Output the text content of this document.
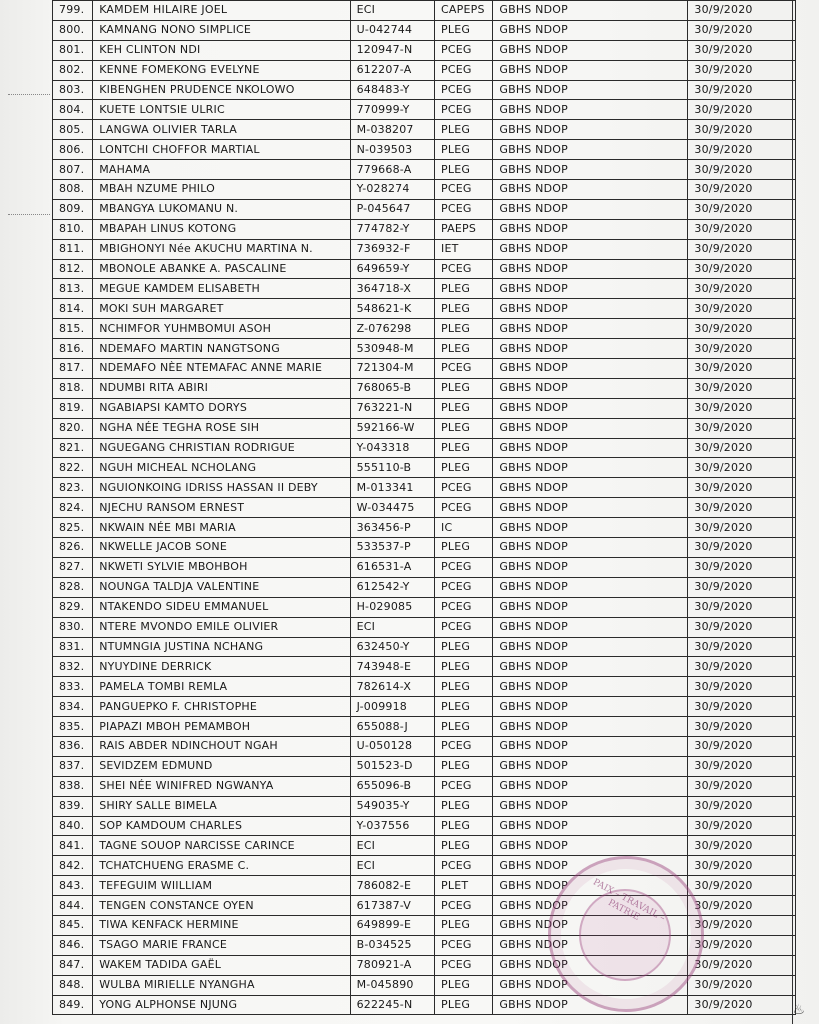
799.	KAMDEM HILAIRE JOEL	ECI	CAPEPS	GBHS NDOP	30/9/2020
800.	KAMNANG NONO SIMPLICE	U-042744	PLEG	GBHS NDOP	30/9/2020
801.	KEH CLINTON NDI	120947-N	PCEG	GBHS NDOP	30/9/2020
802.	KENNE FOMEKONG EVELYNE	612207-A	PCEG	GBHS NDOP	30/9/2020
803.	KIBENGHEN PRUDENCE NKOLOWO	648483-Y	PCEG	GBHS NDOP	30/9/2020
804.	KUETE LONTSIE ULRIC	770999-Y	PCEG	GBHS NDOP	30/9/2020
805.	LANGWA OLIVIER TARLA	M-038207	PLEG	GBHS NDOP	30/9/2020
806.	LONTCHI CHOFFOR MARTIAL	N-039503	PLEG	GBHS NDOP	30/9/2020
807.	MAHAMA	779668-A	PLEG	GBHS NDOP	30/9/2020
808.	MBAH NZUME PHILO	Y-028274	PCEG	GBHS NDOP	30/9/2020
809.	MBANGYA LUKOMANU N.	P-045647	PCEG	GBHS NDOP	30/9/2020
810.	MBAPAH LINUS KOTONG	774782-Y	PAEPS	GBHS NDOP	30/9/2020
811.	MBIGHONYI Née AKUCHU MARTINA N.	736932-F	IET	GBHS NDOP	30/9/2020
812.	MBONOLE ABANKE A. PASCALINE	649659-Y	PCEG	GBHS NDOP	30/9/2020
813.	MEGUE KAMDEM ELISABETH	364718-X	PLEG	GBHS NDOP	30/9/2020
814.	MOKI SUH MARGARET	548621-K	PLEG	GBHS NDOP	30/9/2020
815.	NCHIMFOR YUHMBOMUI ASOH	Z-076298	PLEG	GBHS NDOP	30/9/2020
816.	NDEMAFO MARTIN NANGTSONG	530948-M	PLEG	GBHS NDOP	30/9/2020
817.	NDEMAFO NÈE NTEMAFAC ANNE MARIE	721304-M	PCEG	GBHS NDOP	30/9/2020
818.	NDUMBI RITA ABIRI	768065-B	PLEG	GBHS NDOP	30/9/2020
819.	NGABIAPSI KAMTO DORYS	763221-N	PLEG	GBHS NDOP	30/9/2020
820.	NGHA NÉE TEGHA ROSE SIH	592166-W	PLEG	GBHS NDOP	30/9/2020
821.	NGUEGANG CHRISTIAN RODRIGUE	Y-043318	PLEG	GBHS NDOP	30/9/2020
822.	NGUH MICHEAL NCHOLANG	555110-B	PLEG	GBHS NDOP	30/9/2020
823.	NGUIONKOING IDRISS HASSAN II DEBY	M-013341	PCEG	GBHS NDOP	30/9/2020
824.	NJECHU RANSOM ERNEST	W-034475	PCEG	GBHS NDOP	30/9/2020
825.	NKWAIN NÉE MBI MARIA	363456-P	IC	GBHS NDOP	30/9/2020
826.	NKWELLE JACOB SONE	533537-P	PLEG	GBHS NDOP	30/9/2020
827.	NKWETI SYLVIE MBOHBOH	616531-A	PCEG	GBHS NDOP	30/9/2020
828.	NOUNGA TALDJA VALENTINE	612542-Y	PCEG	GBHS NDOP	30/9/2020
829.	NTAKENDO SIDEU EMMANUEL	H-029085	PCEG	GBHS NDOP	30/9/2020
830.	NTERE MVONDO EMILE OLIVIER	ECI	PCEG	GBHS NDOP	30/9/2020
831.	NTUMNGIA JUSTINA NCHANG	632450-Y	PLEG	GBHS NDOP	30/9/2020
832.	NYUYDINE DERRICK	743948-E	PLEG	GBHS NDOP	30/9/2020
833.	PAMELA TOMBI REMLA	782614-X	PLEG	GBHS NDOP	30/9/2020
834.	PANGUEPKO F. CHRISTOPHE	J-009918	PLEG	GBHS NDOP	30/9/2020
835.	PIAPAZI MBOH PEMAMBOH	655088-J	PLEG	GBHS NDOP	30/9/2020
836.	RAIS ABDER NDINCHOUT NGAH	U-050128	PCEG	GBHS NDOP	30/9/2020
837.	SEVIDZEM EDMUND	501523-D	PLEG	GBHS NDOP	30/9/2020
838.	SHEI NÉE WINIFRED NGWANYA	655096-B	PCEG	GBHS NDOP	30/9/2020
839.	SHIRY SALLE BIMELA	549035-Y	PLEG	GBHS NDOP	30/9/2020
840.	SOP KAMDOUM CHARLES	Y-037556	PLEG	GBHS NDOP	30/9/2020
841.	TAGNE SOUOP NARCISSE CARINCE	ECI	PLEG	GBHS NDOP	30/9/2020
842.	TCHATCHUENG ERASME C.	ECI	PCEG	GBHS NDOP	30/9/2020
843.	TEFEGUIM WIILLIAM	786082-E	PLET	GBHS NDOP	30/9/2020
844.	TENGEN CONSTANCE OYEN	617387-V	PCEG	GBHS NDOP	30/9/2020
845.	TIWA KENFACK HERMINE	649899-E	PLEG	GBHS NDOP	30/9/2020
846.	TSAGO MARIE FRANCE	B-034525	PCEG	GBHS NDOP	30/9/2020
847.	WAKEM TADIDA GAËL	780921-A	PCEG	GBHS NDOP	30/9/2020
848.	WULBA MIRIELLE NYANGHA	M-045890	PLEG	GBHS NDOP	30/9/2020
849.	YONG ALPHONSE NJUNG	622245-N	PLEG	GBHS NDOP	30/9/2020
PAIX – TRAVAIL – PATRIE
♨
